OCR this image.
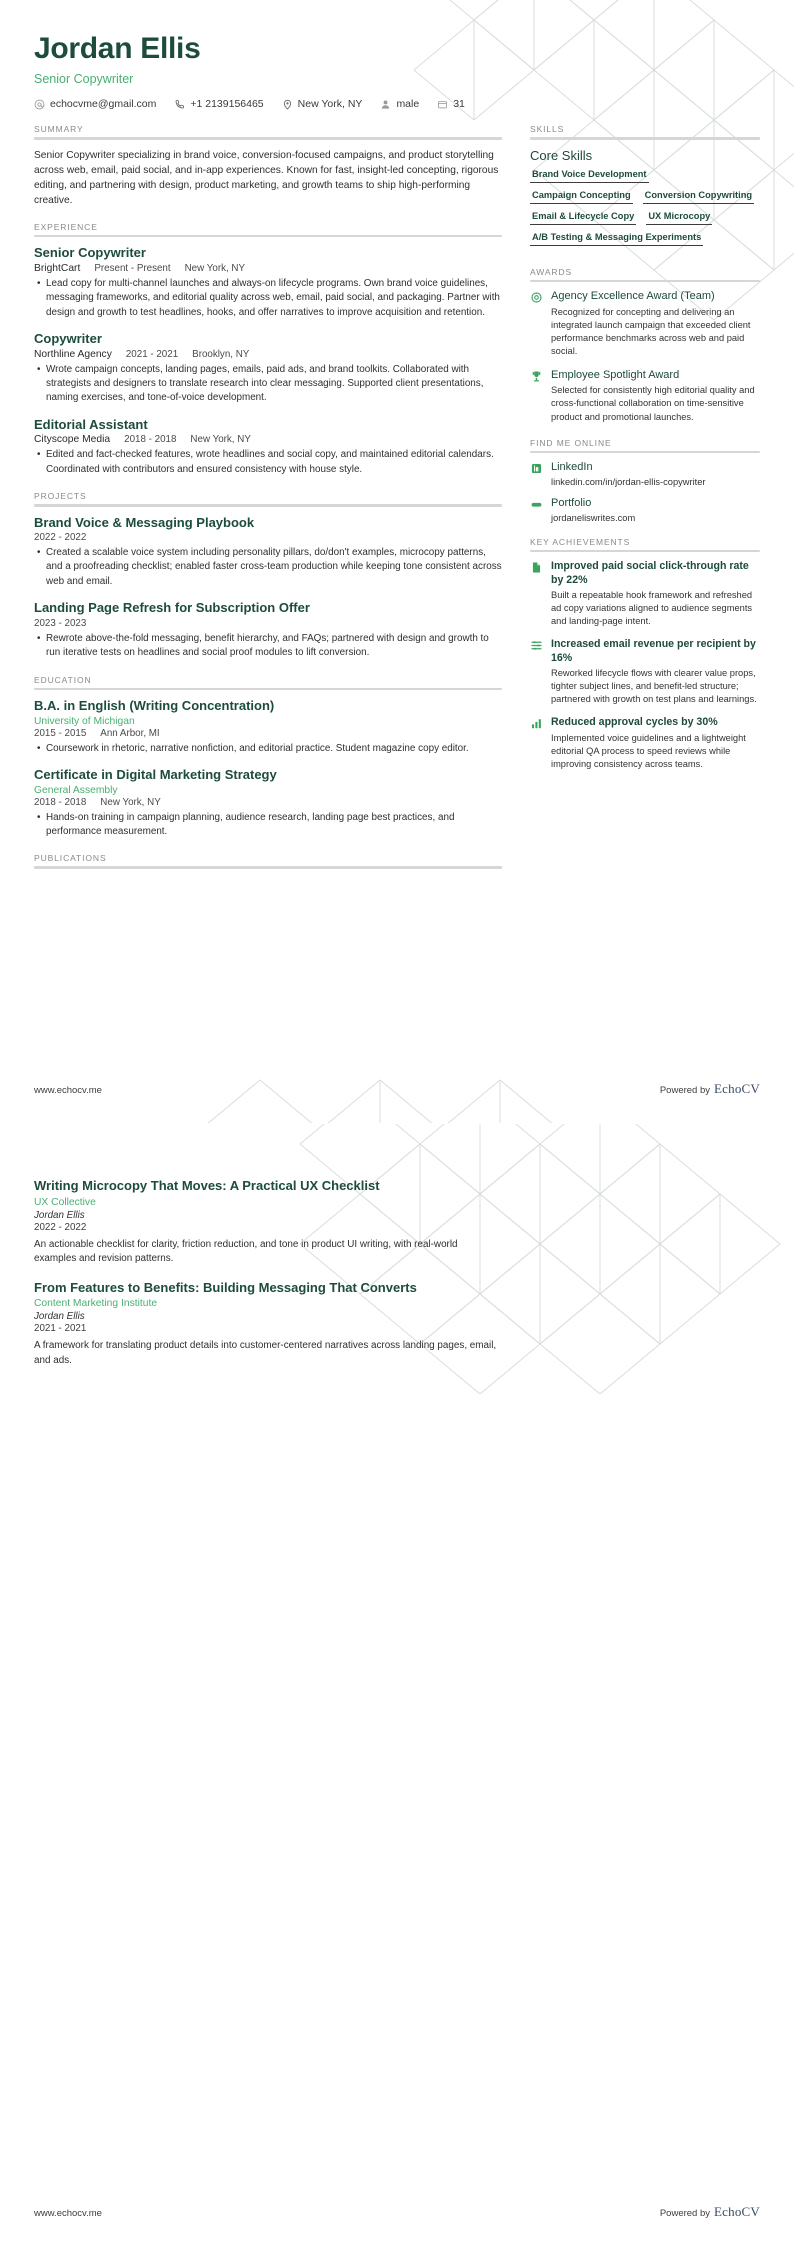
Jordan Ellis
Senior Copywriter
echocvme@gmail.com	+1 2139156465	New York, NY	male	31
SUMMARY

Senior Copywriter specializing in brand voice, conversion-focused campaigns, and product storytelling across web, email, paid social, and in-app experiences. Known for fast, insight-led concepting, rigorous editing, and partnering with design, product marketing, and growth teams to ship high-performing creative.

EXPERIENCE
Senior Copywriter
BrightCart Present - Present New York, NY
• Lead copy for multi-channel launches and always-on lifecycle programs. Own brand voice guidelines, messaging frameworks, and editorial quality across web, email, paid social, and packaging. Partner with design and growth to test headlines, hooks, and offer narratives to improve acquisition and retention.
Copywriter
Northline Agency 2021 - 2021 Brooklyn, NY
• Wrote campaign concepts, landing pages, emails, paid ads, and brand toolkits. Collaborated with strategists and designers to translate research into clear messaging. Supported client presentations, naming exercises, and tone-of-voice development.
Editorial Assistant
Cityscope Media 2018 - 2018 New York, NY
• Edited and fact-checked features, wrote headlines and social copy, and maintained editorial calendars. Coordinated with contributors and ensured consistency with house style.
PROJECTS
Brand Voice & Messaging Playbook
2022 - 2022
• Created a scalable voice system including personality pillars, do/don't examples, microcopy patterns, and a proofreading checklist; enabled faster cross-team production while keeping tone consistent across web and email.
Landing Page Refresh for Subscription Offer
2023 - 2023
• Rewrote above-the-fold messaging, benefit hierarchy, and FAQs; partnered with design and growth to run iterative tests on headlines and social proof modules to lift conversion.
EDUCATION
B.A. in English (Writing Concentration)
University of Michigan
2015 - 2015 Ann Arbor, MI
• Coursework in rhetoric, narrative nonfiction, and editorial practice. Student magazine copy editor.
Certificate in Digital Marketing Strategy
General Assembly
2018 - 2018 New York, NY
• Hands-on training in campaign planning, audience research, landing page best practices, and performance measurement.
PUBLICATIONS
SKILLS
Core Skills
Brand Voice Development
Campaign Concepting Conversion Copywriting
Email & Lifecycle Copy UX Microcopy
A/B Testing & Messaging Experiments
AWARDS
Agency Excellence Award (Team)

Recognized for concepting and delivering an integrated launch campaign that exceeded client performance benchmarks across web and paid social.

Employee Spotlight Award

Selected for consistently high editorial quality and cross-functional collaboration on time-sensitive product and promotional launches.

FIND ME ONLINE
LinkedIn

linkedin.com/in/jordan-ellis-copywriter

Portfolio

jordaneliswrites.com

KEY ACHIEVEMENTS
Improved paid social click-through rate by 22%

Built a repeatable hook framework and refreshed ad copy variations aligned to audience segments and landing-page intent.

Increased email revenue per recipient by 16%

Reworked lifecycle flows with clearer value props, tighter subject lines, and benefit-led structure; partnered with growth on test plans and learnings.

Reduced approval cycles by 30%

Implemented voice guidelines and a lightweight editorial QA process to speed reviews while improving consistency across teams.

www.echocv.me	Powered by EchoCV
Writing Microcopy That Moves: A Practical UX Checklist
UX Collective
Jordan Ellis
2022 - 2022

An actionable checklist for clarity, friction reduction, and tone in product UI writing, with real-world examples and revision patterns.

From Features to Benefits: Building Messaging That Converts
Content Marketing Institute
Jordan Ellis
2021 - 2021

A framework for translating product details into customer-centered narratives across landing pages, email, and ads.

www.echocv.me	Powered by EchoCV
